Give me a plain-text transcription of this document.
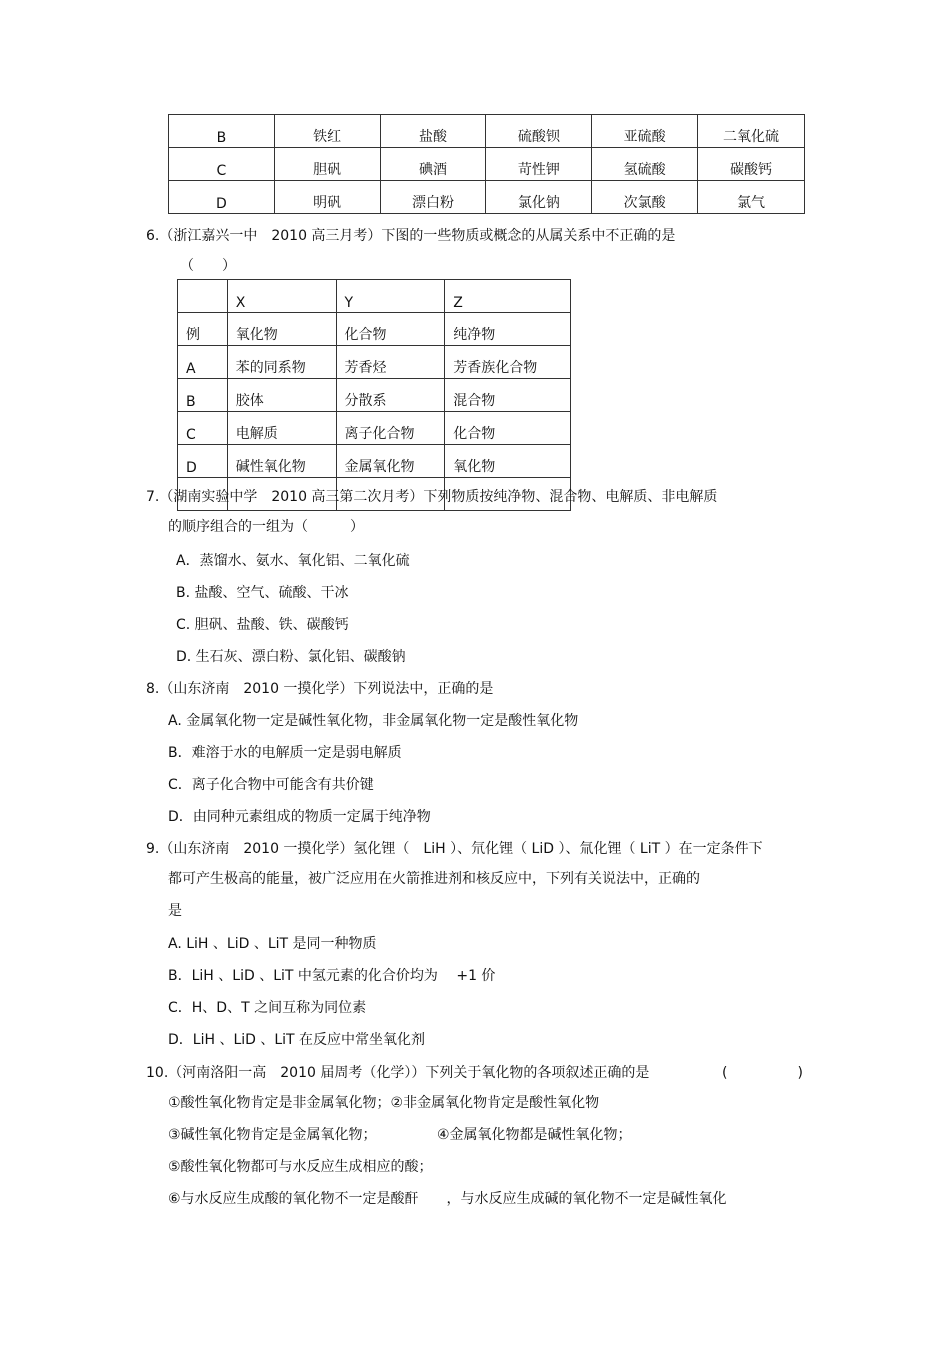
B	铁红	盐酸	硫酸钡	亚硫酸	二氧化硫
C	胆矾	碘酒	苛性钾	氢硫酸	碳酸钙
D	明矾	漂白粉	氯化钠	次氯酸	氯气
6.（浙江嘉兴一中　2010 高三月考）下图的一些物质或概念的从属关系中不正确的是
（　　）
	X	Y	Z
例	氧化物	化合物	纯净物
A	苯的同系物	芳香烃	芳香族化合物
B	胶体	分散系	混合物
C	电解质	离子化合物	化合物
D	碱性氧化物	金属氧化物	氧化物

7.（湖南实验中学　2010 高三第二次月考）下列物质按纯净物、混合物、电解质、非电解质
的顺序组合的一组为（　　　）
A．蒸馏水、氨水、氧化铝、二氧化硫
B. 盐酸、空气、硫酸、干冰
C. 胆矾、盐酸、铁、碳酸钙
D. 生石灰、漂白粉、氯化铝、碳酸钠
8.（山东济南　2010 一摸化学）下列说法中，正确的是
A. 金属氧化物一定是碱性氧化物，非金属氧化物一定是酸性氧化物
B．难溶于水的电解质一定是弱电解质
C．离子化合物中可能含有共价键
D．由同种元素组成的物质一定属于纯净物
9.（山东济南　2010 一摸化学）氢化锂（　LiH ）、氘化锂（ LiD ）、氚化锂（ LiT ）在一定条件下
都可产生极高的能量，被广泛应用在火箭推进剂和核反应中，下列有关说法中，正确的
是
A. LiH 、LiD 、LiT 是同一种物质
B．LiH 、LiD 、LiT 中氢元素的化合价均为　 +1 价
C．H、D、T 之间互称为同位素
D．LiH 、LiD 、LiT 在反应中常坐氧化剂
10.（河南洛阳一高　2010 届周考（化学））下列关于氧化物的各项叙述正确的是	(　　　　　)
①酸性氧化物肯定是非金属氧化物；②非金属氧化物肯定是酸性氧化物
③碱性氧化物肯定是金属氧化物；	④金属氧化物都是碱性氧化物；
⑤酸性氧化物都可与水反应生成相应的酸；
⑥与水反应生成酸的氧化物不一定是酸酐　　，与水反应生成碱的氧化物不一定是碱性氧化
